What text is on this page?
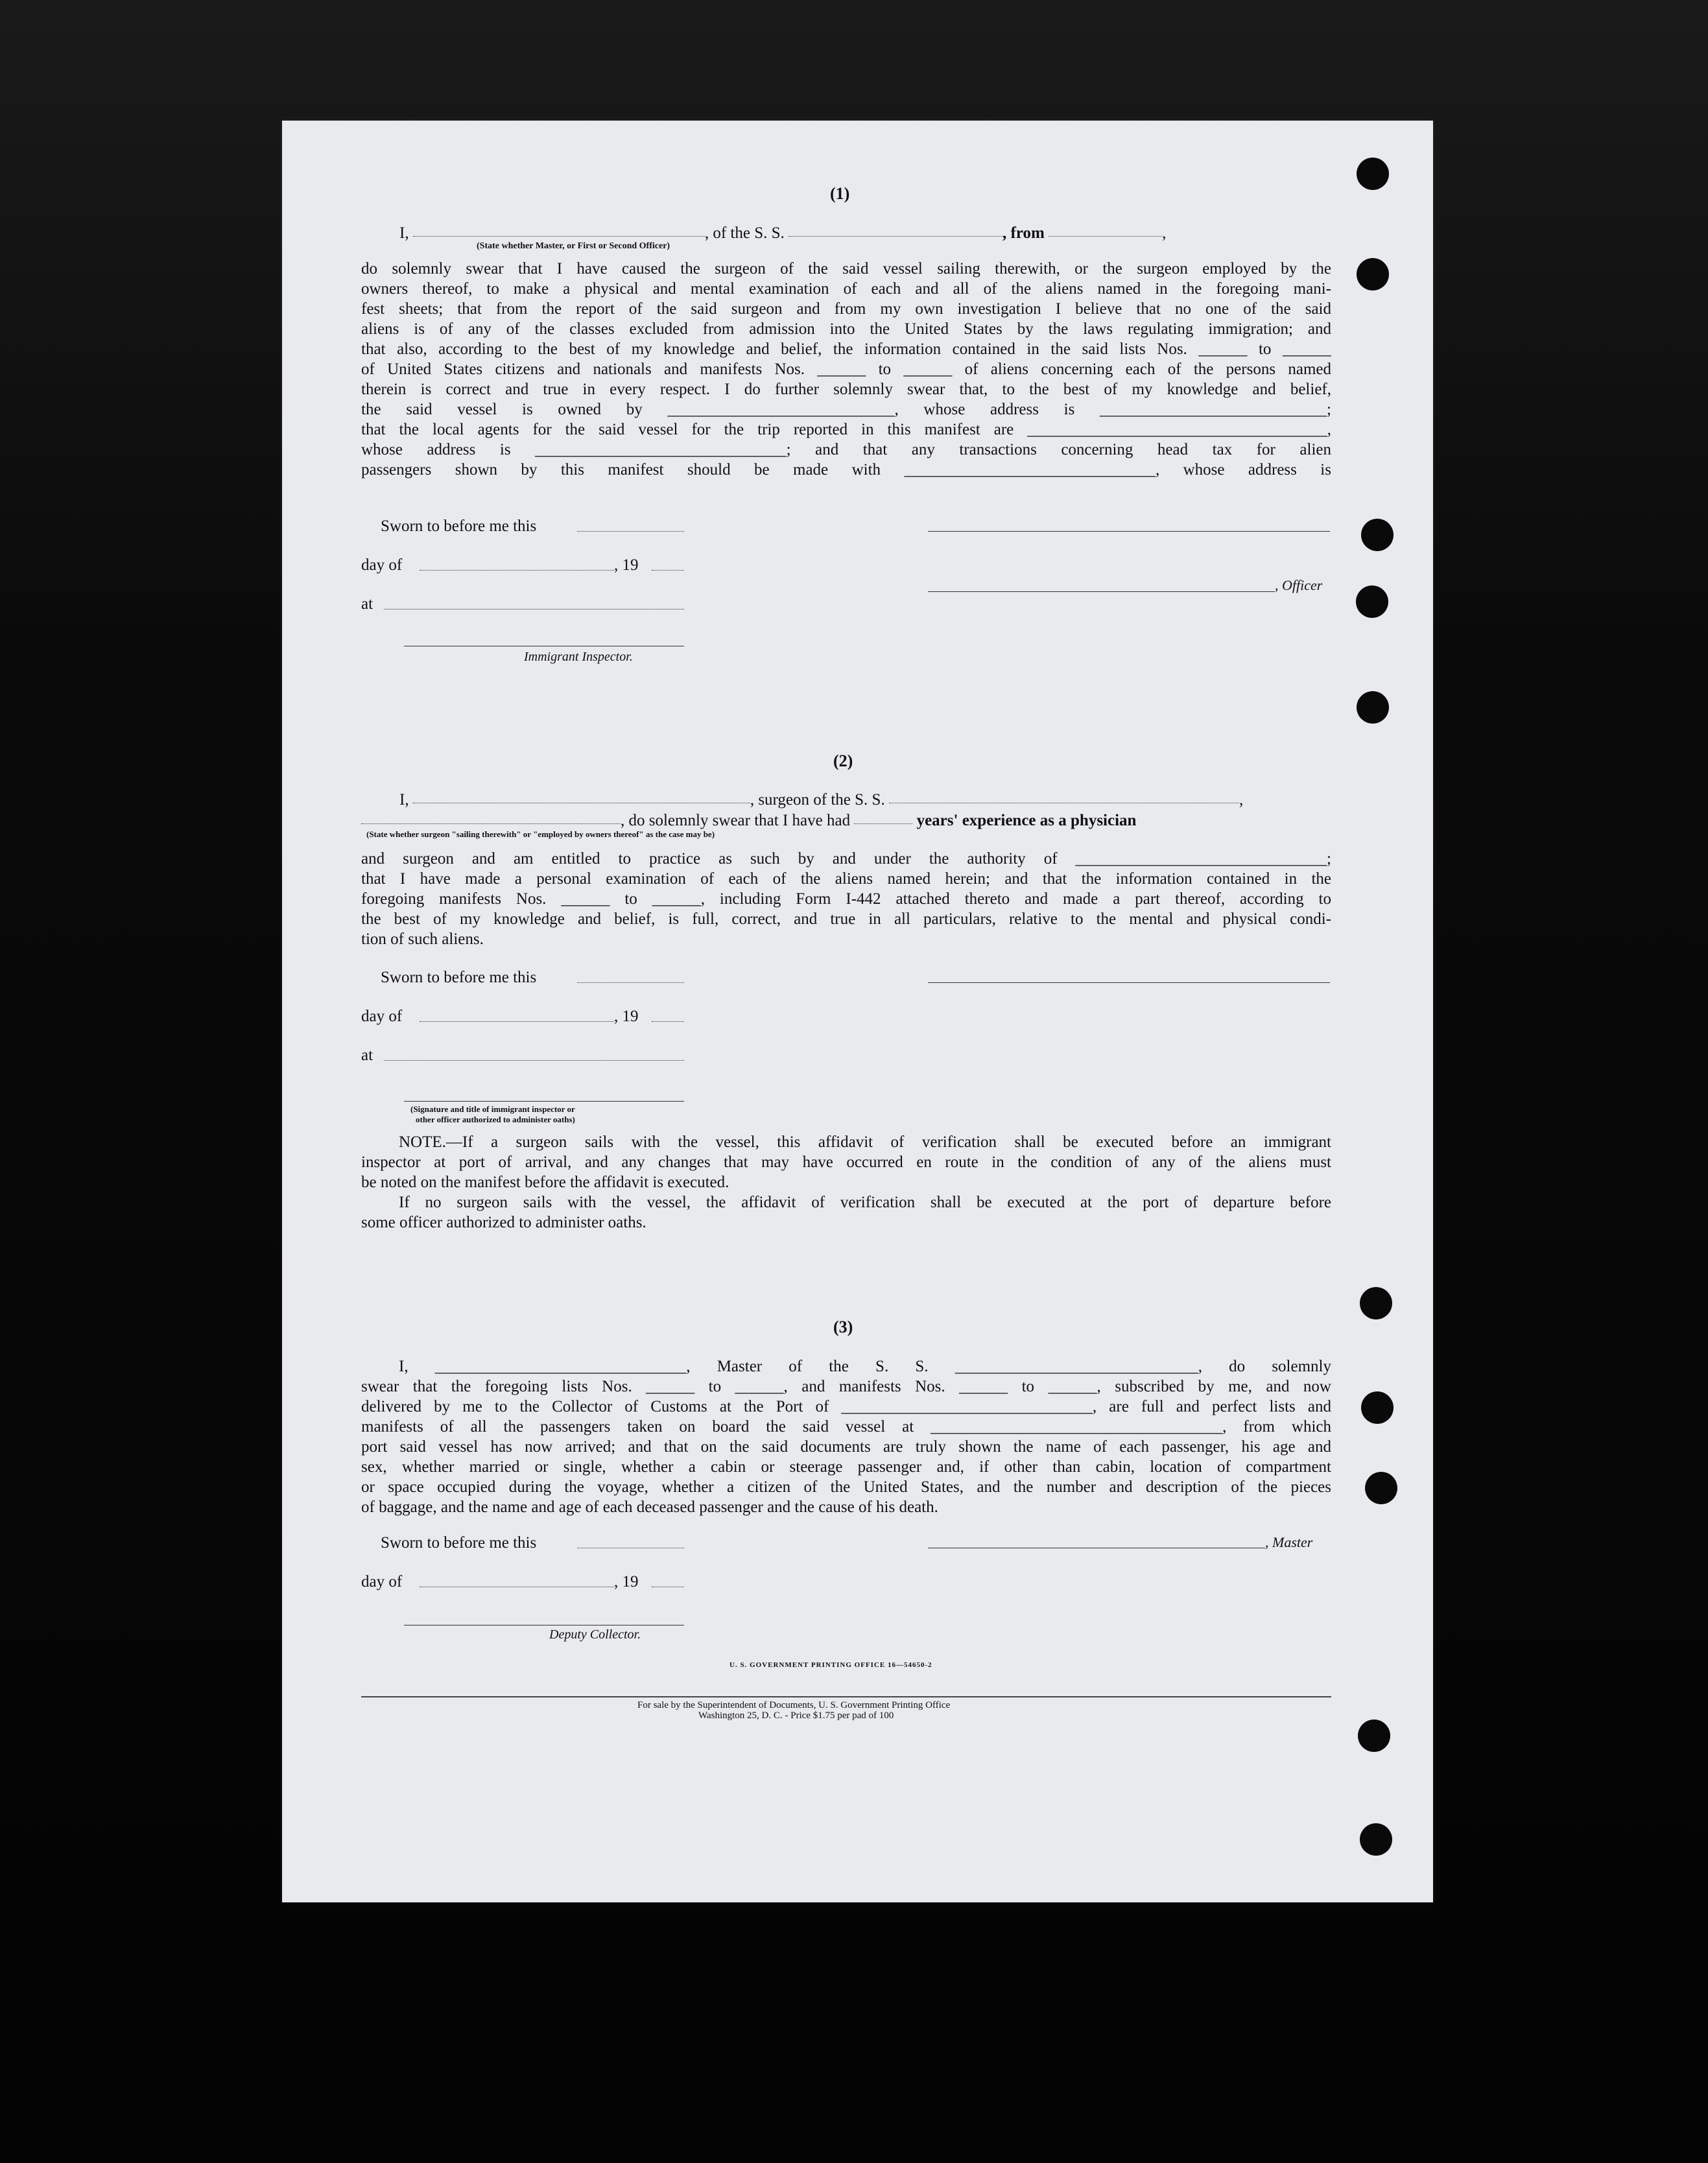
(1)
I,	, of the S. S.	, from	,
(State whether Master, or First or Second Officer)
do solemnly swear that I have caused the surgeon of the said vessel sailing therewith, or the surgeon employed by the
owners thereof, to make a physical and mental examination of each and all of the aliens named in the foregoing mani-
fest sheets; that from the report of the said surgeon and from my own investigation I believe that no one of the said
aliens is of any of the classes excluded from admission into the United States by the laws regulating immigration; and
that also, according to the best of my knowledge and belief, the information contained in the said lists Nos. ______ to ______
of United States citizens and nationals and manifests Nos. ______ to ______ of aliens concerning each of the persons named
therein is correct and true in every respect. I do further solemnly swear that, to the best of my knowledge and belief,
the said vessel is owned by ____________________________, whose address is ____________________________;
that the local agents for the said vessel for the trip reported in this manifest are _____________________________________,
whose address is _______________________________; and that any transactions concerning head tax for alien
passengers shown by this manifest should be made with _______________________________, whose address is
Sworn to before me this
day of	, 19
, Officer
at
Immigrant Inspector.
(2)
I,	, surgeon of the S. S.	,
, do solemnly swear that I have had	years' experience as a physician
(State whether surgeon "sailing therewith" or "employed by owners thereof" as the case may be)
and surgeon and am entitled to practice as such by and under the authority of _______________________________;
that I have made a personal examination of each of the aliens named herein; and that the information contained in the
foregoing manifests Nos. ______ to ______, including Form I-442 attached thereto and made a part thereof, according to
the best of my knowledge and belief, is full, correct, and true in all particulars, relative to the mental and physical condi-
tion of such aliens.
Sworn to before me this
day of	, 19
at
(Signature and title of immigrant inspector or
other officer authorized to administer oaths)
NOTE.—If a surgeon sails with the vessel, this affidavit of verification shall be executed before an immigrant
inspector at port of arrival, and any changes that may have occurred en route in the condition of any of the aliens must
be noted on the manifest before the affidavit is executed.
If no surgeon sails with the vessel, the affidavit of verification shall be executed at the port of departure before
some officer authorized to administer oaths.
(3)
I, _______________________________, Master of the S. S. ______________________________, do solemnly
swear that the foregoing lists Nos. ______ to ______, and manifests Nos. ______ to ______, subscribed by me, and now
delivered by me to the Collector of Customs at the Port of _______________________________, are full and perfect lists and
manifests of all the passengers taken on board the said vessel at ____________________________________, from which
port said vessel has now arrived; and that on the said documents are truly shown the name of each passenger, his age and
sex, whether married or single, whether a cabin or steerage passenger and, if other than cabin, location of compartment
or space occupied during the voyage, whether a citizen of the United States, and the number and description of the pieces
of baggage, and the name and age of each deceased passenger and the cause of his death.
Sworn to before me this	, Master
day of	, 19
Deputy Collector.
U. S. GOVERNMENT PRINTING OFFICE 16—54650-2
For sale by the Superintendent of Documents, U. S. Government Printing Office
Washington 25, D. C. - Price $1.75 per pad of 100
